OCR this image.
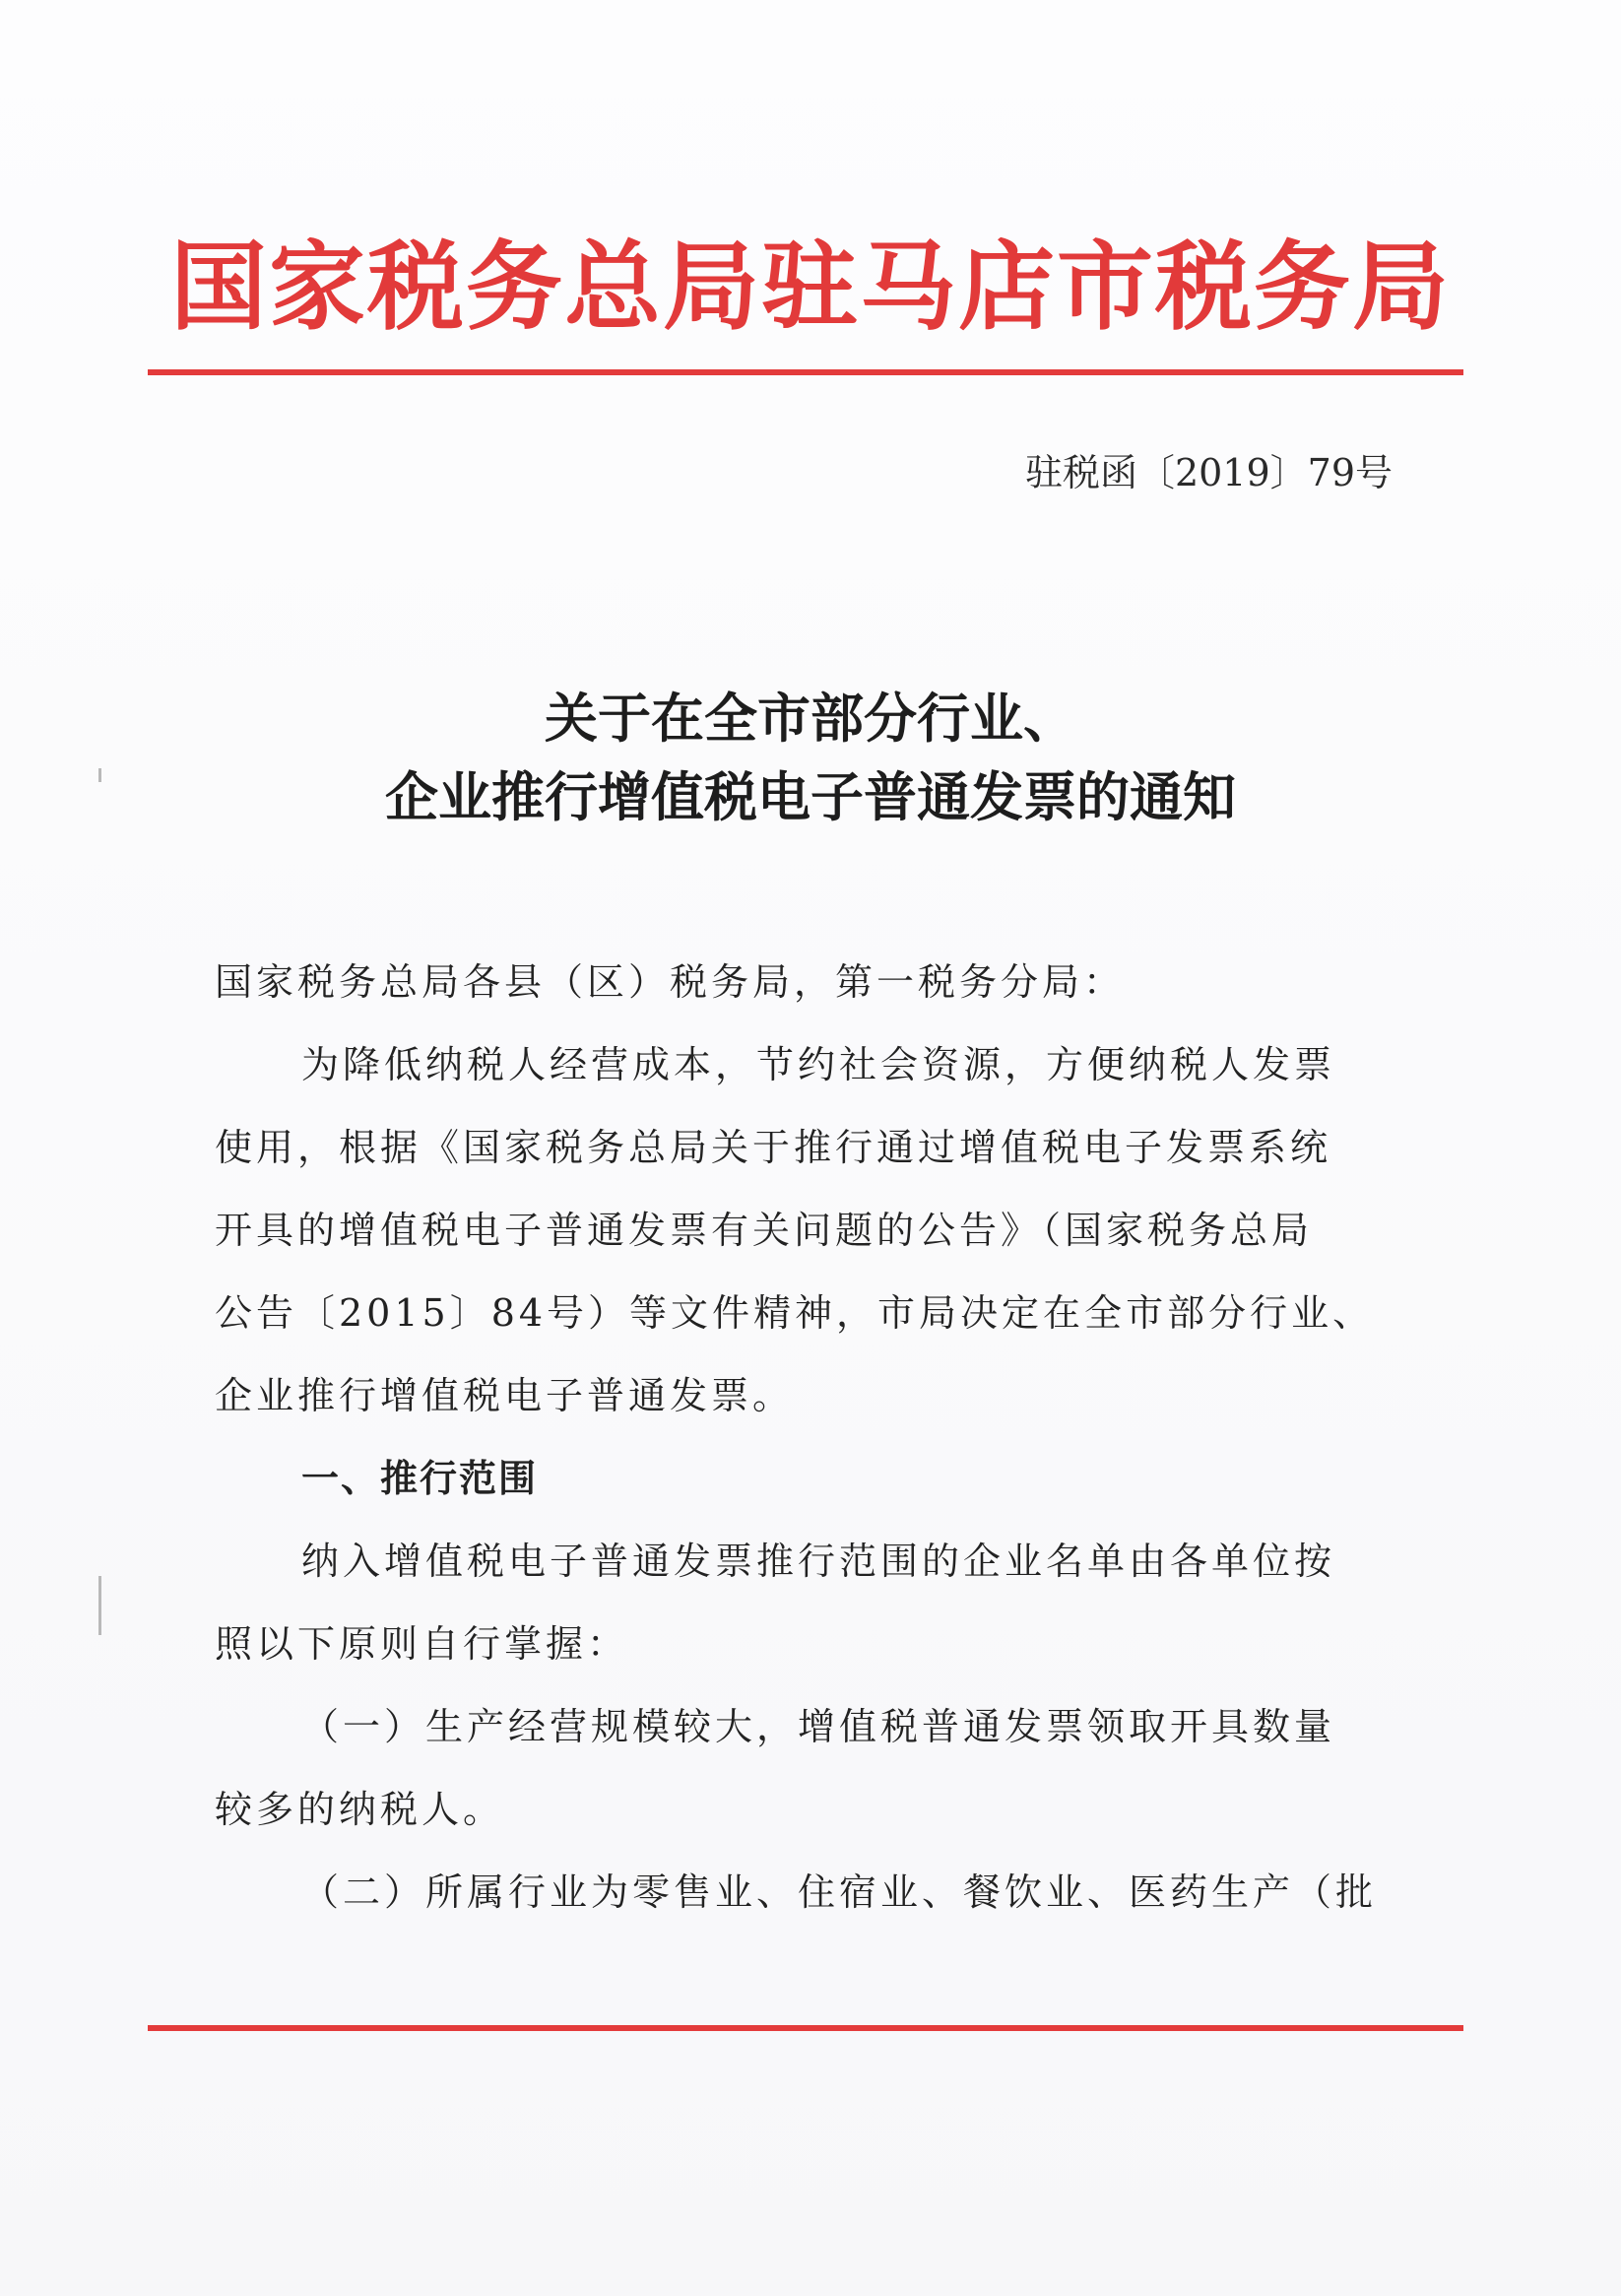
国家税务总局驻马店市税务局
驻税函〔2019〕79号
关于在全市部分行业、
企业推行增值税电子普通发票的通知
国家税务总局各县（区）税务局，第一税务分局：
为降低纳税人经营成本，节约社会资源，方便纳税人发票
使用，根据《国家税务总局关于推行通过增值税电子发票系统
开具的增值税电子普通发票有关问题的公告》（国家税务总局
公告〔2015〕84号）等文件精神，市局决定在全市部分行业、
企业推行增值税电子普通发票。
一、推行范围
纳入增值税电子普通发票推行范围的企业名单由各单位按
照以下原则自行掌握：
（一）生产经营规模较大，增值税普通发票领取开具数量
较多的纳税人。
（二）所属行业为零售业、住宿业、餐饮业、医药生产（批
